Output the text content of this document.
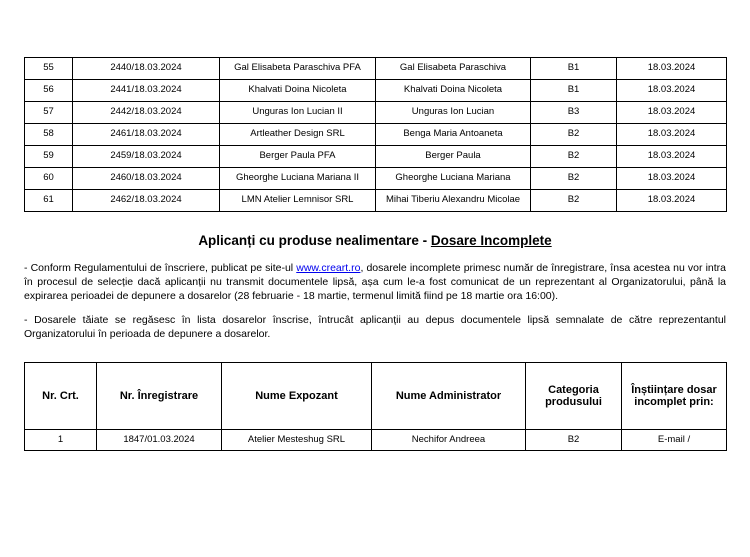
55	2440/18.03.2024	Gal Elisabeta Paraschiva PFA	Gal Elisabeta Paraschiva	B1	18.03.2024
56	2441/18.03.2024	Khalvati Doina Nicoleta	Khalvati Doina Nicoleta	B1	18.03.2024
57	2442/18.03.2024	Unguras Ion Lucian II	Unguras Ion Lucian	B3	18.03.2024
58	2461/18.03.2024	Artleather Design SRL	Benga Maria Antoaneta	B2	18.03.2024
59	2459/18.03.2024	Berger Paula PFA	Berger Paula	B2	18.03.2024
60	2460/18.03.2024	Gheorghe Luciana Mariana II	Gheorghe Luciana Mariana	B2	18.03.2024
61	2462/18.03.2024	LMN Atelier Lemnisor SRL	Mihai Tiberiu Alexandru Micolae	B2	18.03.2024
Aplicanți cu produse nealimentare - Dosare Incomplete

- Conform Regulamentului de înscriere, publicat pe site-ul www.creart.ro, dosarele incomplete primesc număr de înregistrare, însa acestea nu vor intra în procesul de selecție dacă aplicanții nu transmit documentele lipsă, așa cum le-a fost comunicat de un reprezentant al Organizatorului, până la expirarea perioadei de depunere a dosarelor (28 februarie - 18 martie, termenul limită fiind pe 18 martie ora 16:00).

- Dosarele tăiate se regăsesc în lista dosarelor înscrise, întrucât aplicanții au depus documentele lipsă semnalate de către reprezentantul Organizatorului în perioada de depunere a dosarelor.

Nr. Crt.	Nr. Înregistrare	Nume Expozant	Nume Administrator	Categoria produsului	Înștiințare dosar incomplet prin:
1	1847/01.03.2024	Atelier Mesteshug SRL	Nechifor Andreea	B2	E-mail /
